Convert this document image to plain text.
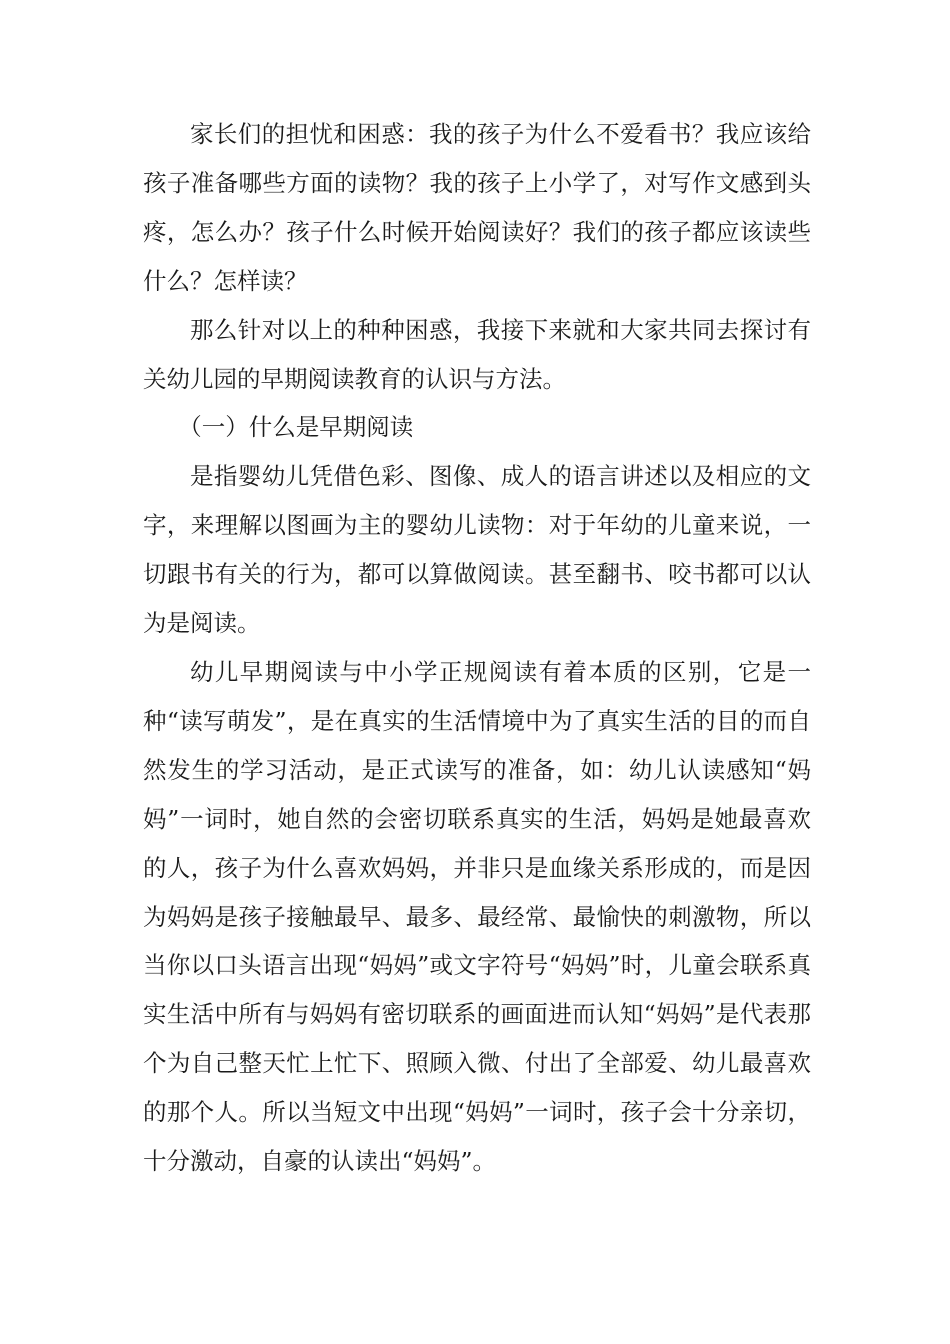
家长们的担忧和困惑：我的孩子为什么不爱看书？我应该给孩子准备哪些方面的读物？我的孩子上小学了，对写作文感到头疼，怎么办？孩子什么时候开始阅读好？我们的孩子都应该读些什么？怎样读？

那么针对以上的种种困惑，我接下来就和大家共同去探讨有关幼儿园的早期阅读教育的认识与方法。

（一）什么是早期阅读

是指婴幼儿凭借色彩、图像、成人的语言讲述以及相应的文字，来理解以图画为主的婴幼儿读物：对于年幼的儿童来说，一切跟书有关的行为，都可以算做阅读。甚至翻书、咬书都可以认为是阅读。

幼儿早期阅读与中小学正规阅读有着本质的区别，它是一种“读写萌发”，是在真实的生活情境中为了真实生活的目的而自然发生的学习活动，是正式读写的准备，如：幼儿认读感知“妈妈”一词时，她自然的会密切联系真实的生活，妈妈是她最喜欢的人，孩子为什么喜欢妈妈，并非只是血缘关系形成的，而是因为妈妈是孩子接触最早、最多、最经常、最愉快的刺激物，所以当你以口头语言出现“妈妈”或文字符号“妈妈”时，儿童会联系真实生活中所有与妈妈有密切联系的画面进而认知“妈妈”是代表那个为自己整天忙上忙下、照顾入微、付出了全部爱、幼儿最喜欢的那个人。所以当短文中出现“妈妈”一词时，孩子会十分亲切，十分激动，自豪的认读出“妈妈”。
